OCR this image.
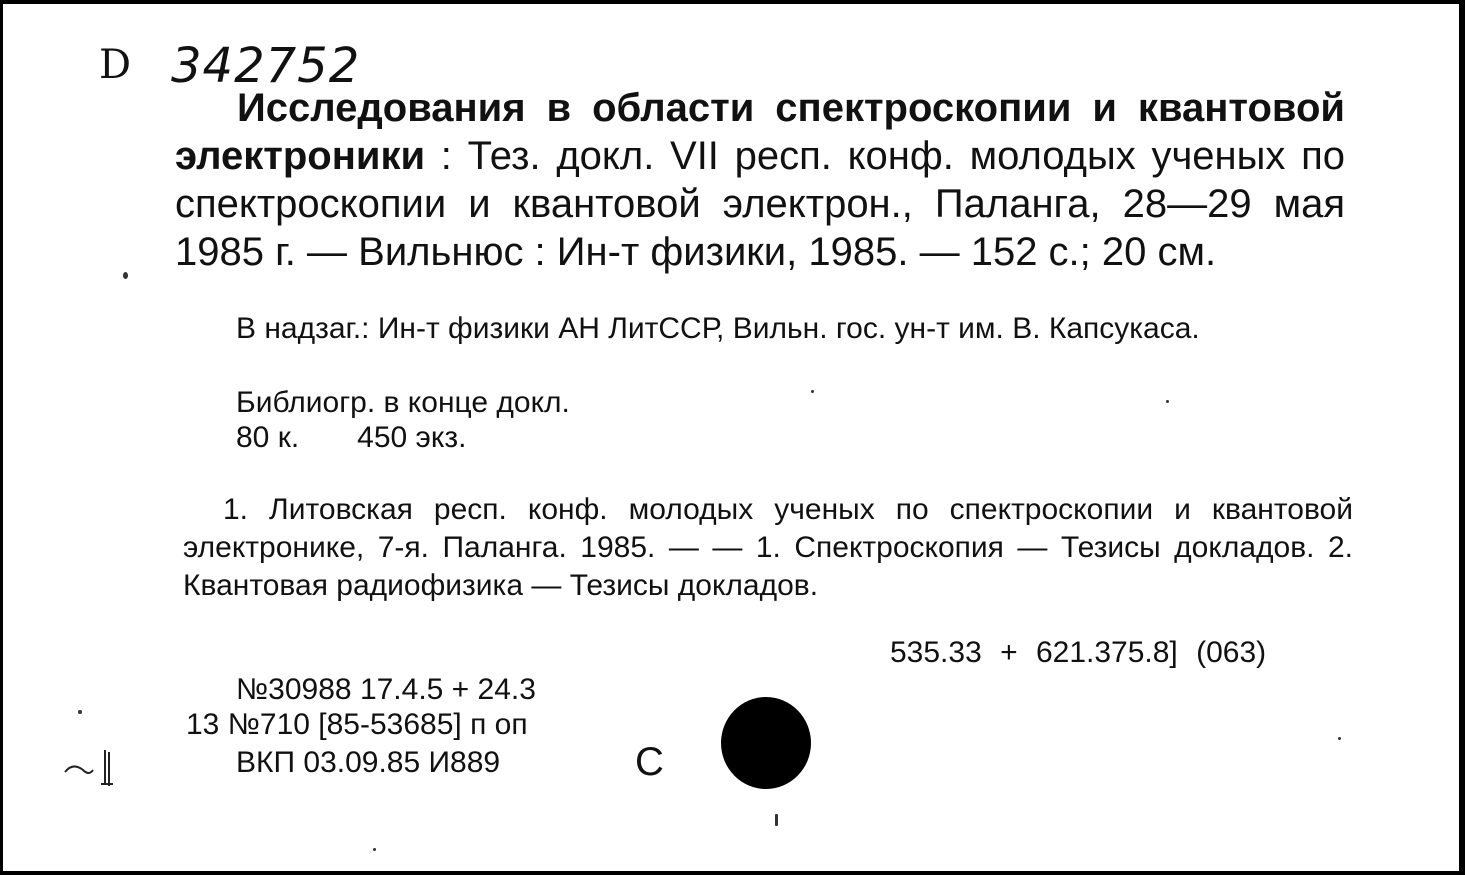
D 342752
Исследования в области спектроскопии и квантовой электроники : Тез. докл. VII респ. конф. молодых ученых по спектроскопии и квантовой электрон., Паланга, 28—29 мая 1985 г. — Вильнюс : Ин-т физики, 1985. — 152 с.; 20 см.
В надзаг.: Ин-т физики АН ЛитССР, Вильн. гос. ун-т им. В. Капсукаса.
Библиогр. в конце докл.
80 к. 450 экз.
1. Литовская респ. конф. молодых ученых по спектроскопии и квантовой электронике, 7-я. Паланга. 1985. — — 1. Спектроскопия — Тезисы докладов. 2. Квантовая радиофизика — Тезисы докладов.
535.33 + 621.375.8] (063)
№30988 17.4.5 + 24.3
13 №710 [85-53685] п оп
ВКП 03.09.85 И889	С
